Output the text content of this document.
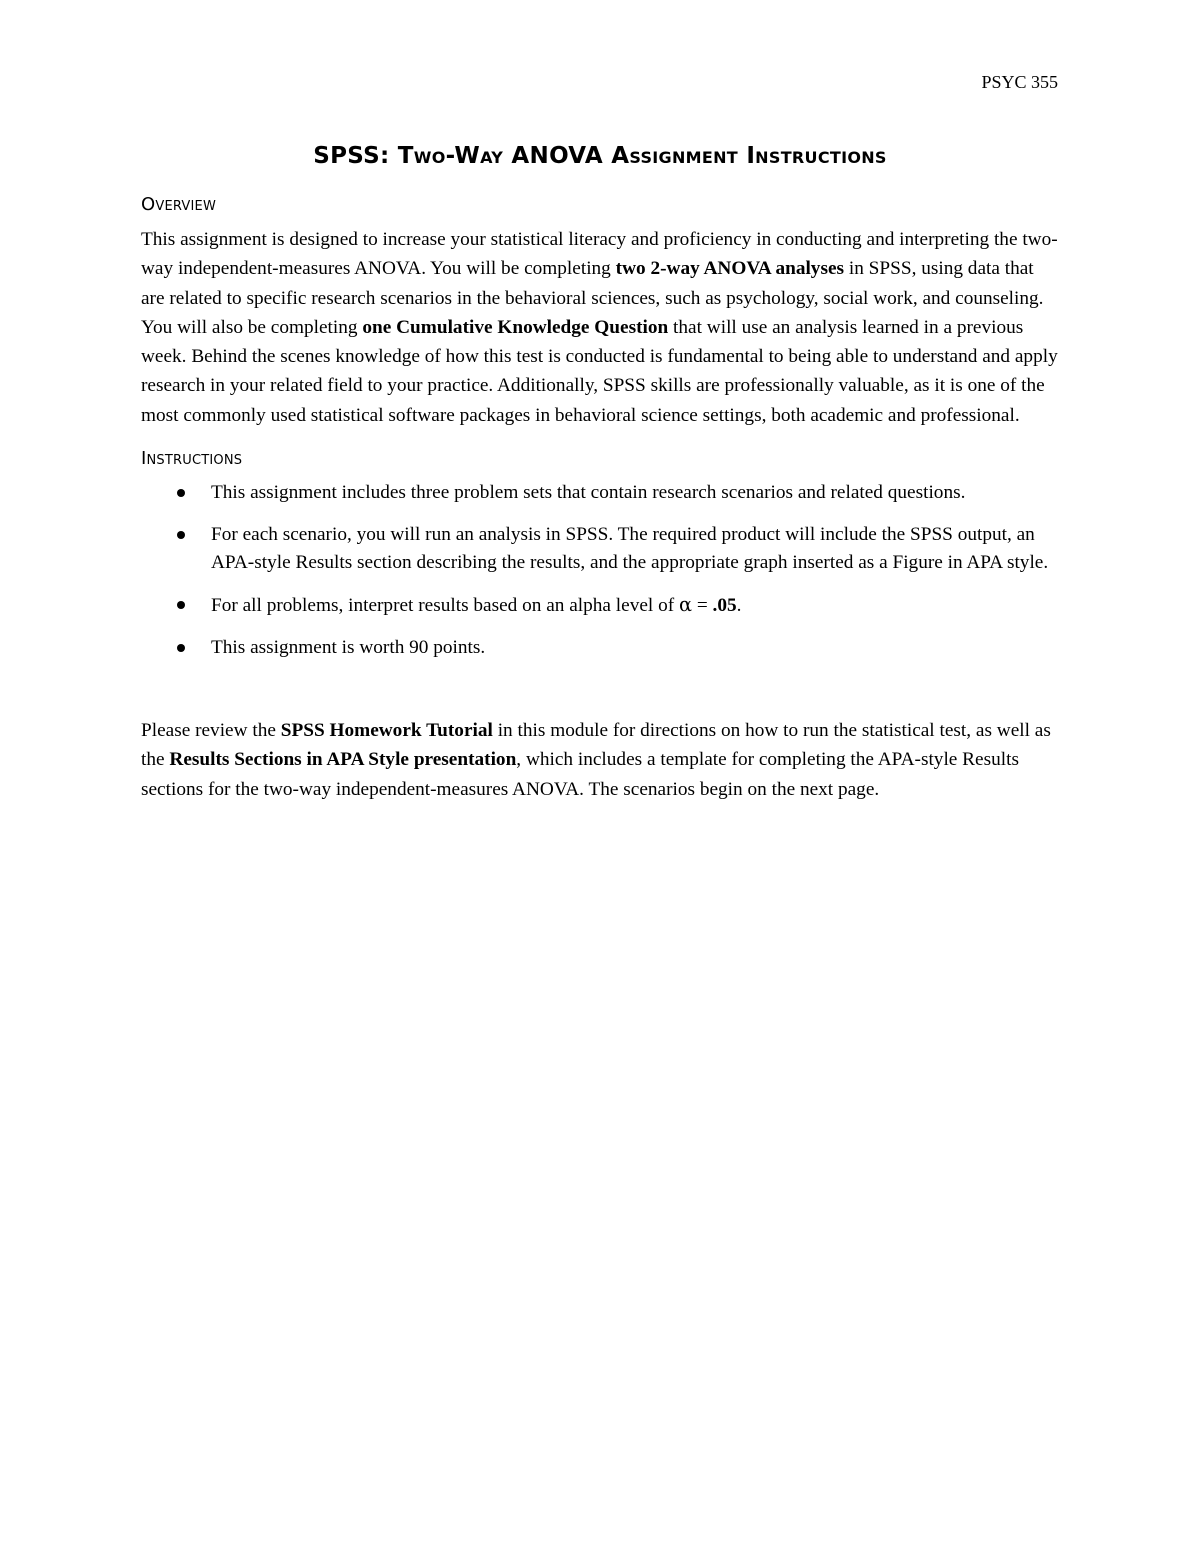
PSYC 355
SPSS: Two-Way ANOVA Assignment Instructions
Overview

This assignment is designed to increase your statistical literacy and proficiency in conducting and interpreting the two-way independent-measures ANOVA. You will be completing two 2-way ANOVA analyses in SPSS, using data that are related to specific research scenarios in the behavioral sciences, such as psychology, social work, and counseling. You will also be completing one Cumulative Knowledge Question that will use an analysis learned in a previous week. Behind the scenes knowledge of how this test is conducted is fundamental to being able to understand and apply research in your related field to your practice. Additionally, SPSS skills are professionally valuable, as it is one of the most commonly used statistical software packages in behavioral science settings, both academic and professional.

Instructions
This assignment includes three problem sets that contain research scenarios and related questions.
For each scenario, you will run an analysis in SPSS. The required product will include the SPSS output, an APA-style Results section describing the results, and the appropriate graph inserted as a Figure in APA style.
For all problems, interpret results based on an alpha level of α = .05.
This assignment is worth 90 points.

Please review the SPSS Homework Tutorial in this module for directions on how to run the statistical test, as well as the Results Sections in APA Style presentation, which includes a template for completing the APA-style Results sections for the two-way independent-measures ANOVA. The scenarios begin on the next page.
